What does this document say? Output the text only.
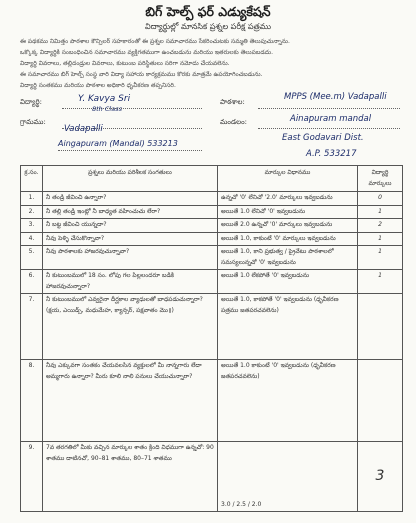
బిగ్ హెల్ప్ ఫర్ ఎడ్యుకేషన్
విద్యార్థుల్లో మానసిక ప్రశ్నల పరీక్ష పత్రము
ఈ పథకము నిమిత్తం పాఠశాల కౌన్సిలర్ సహకారంతో ఈ ప్రశ్నల సమాచారము సేకరించుటకు సమ్మతి తెలుపుచున్నాను.
ఒక్కొక్క విద్యార్థికి సంబంధించిన సమాచారము వ్యక్తిగతముగా ఉంచబడును మరియు ఇతరులకు తెలుపబడదు.
విద్యార్థి వివరాలు, తల్లిదండ్రుల వివరాలు, కుటుంబ పరిస్థితులు సరిగా నమోదు చేయవలెను.
ఈ సమాచారము బిగ్ హెల్ప్ సంస్థ వారి విద్యా సహాయ కార్యక్రమము కొరకు మాత్రమే ఉపయోగించబడును.
విద్యార్థి సంతకము మరియు పాఠశాల అధికారి ధృవీకరణ తప్పనిసరి.
విద్యార్థి:	Y. Kavya Sri
8th Class
పాఠశాల:	MPPS (Mee.m) Vadapalli
గ్రామము:
Vadapalli
మండలం:	Ainapuram mandal
Aingapuram (Mandal) 533213
East Godavari Dist.
A.P. 533217
క్ర.సం.	ప్రశ్నలు మరియు పరిశీలక సంగతులు	మార్కుల విధానము	విద్యార్థి మార్కులు
1.	నీ తండ్రి జీవించి ఉన్నారా?	ఉన్నచో '0' లేనిచో '2.0' మార్కులు ఇవ్వబడును	0
2.	నీ తల్లి తండ్రి ఇంట్లో నీ బాధ్యత వహించుచు లేరా?	అయితే 1.0 లేనిచో '0' ఇవ్వబడును	1
3.	నీ బట్ట జీవించి యున్నదా?	అయితే 2.0 ఉన్నచో '0' మార్కులు ఇవ్వబడును	2
4.	నీవు పెళ్ళి చేసుకొన్నావా?	అయితే 1.0, కాకుంటే '0' మార్కులు ఇవ్వబడును	1
5.	నీవు పాఠశాలకు హాజరవుచున్నావా?	అయితే 1.0, కాని ప్రభుత్వ / ప్రైవేటు పాఠశాలలో సమస్యలున్నచో '0' ఇవ్వబడును	1
6.	నీ కుటుంబములో 18 సం. లోపు గల పిల్లలందరూ బడికి హాజరవుచున్నారా?	అయితే 1.0 లేకపోతే '0' ఇవ్వబడును	1
7.	నీ కుటుంబములో ఎవ్వరైనా దీర్ఘకాల వ్యాధులతో బాధపడుచున్నారా? (క్షయ, ఎయిడ్స్, మధుమేహ, క్యాన్సర్, పక్షవాతం మొ॥)	అయితే 1.0, కాకపోతే '0' ఇవ్వబడును (ధృవీకరణ పత్రము జతపరచవలెను)	
8.	నీవు ఎక్కువగా సంతకం చేయవలసిన వ్యక్తులలో మీ నాన్నగారు లేదా అమ్మగారు ఉన్నారా? మీరు కూలి నాలి పనులు చేయుచున్నారా?	అయితే 1.0 కాకుంటే '0' ఇవ్వబడును (ధృవీకరణ జతపరచవలెను)	
9.	7వ తరగతిలో మీకు వచ్చిన మార్కుల శాతం క్రింది విధముగా ఉన్నచో: 90 శాతము దాటినచో, 90–81 శాతము, 80–71 శాతము	3.0 / 2.5 / 2.0	3
